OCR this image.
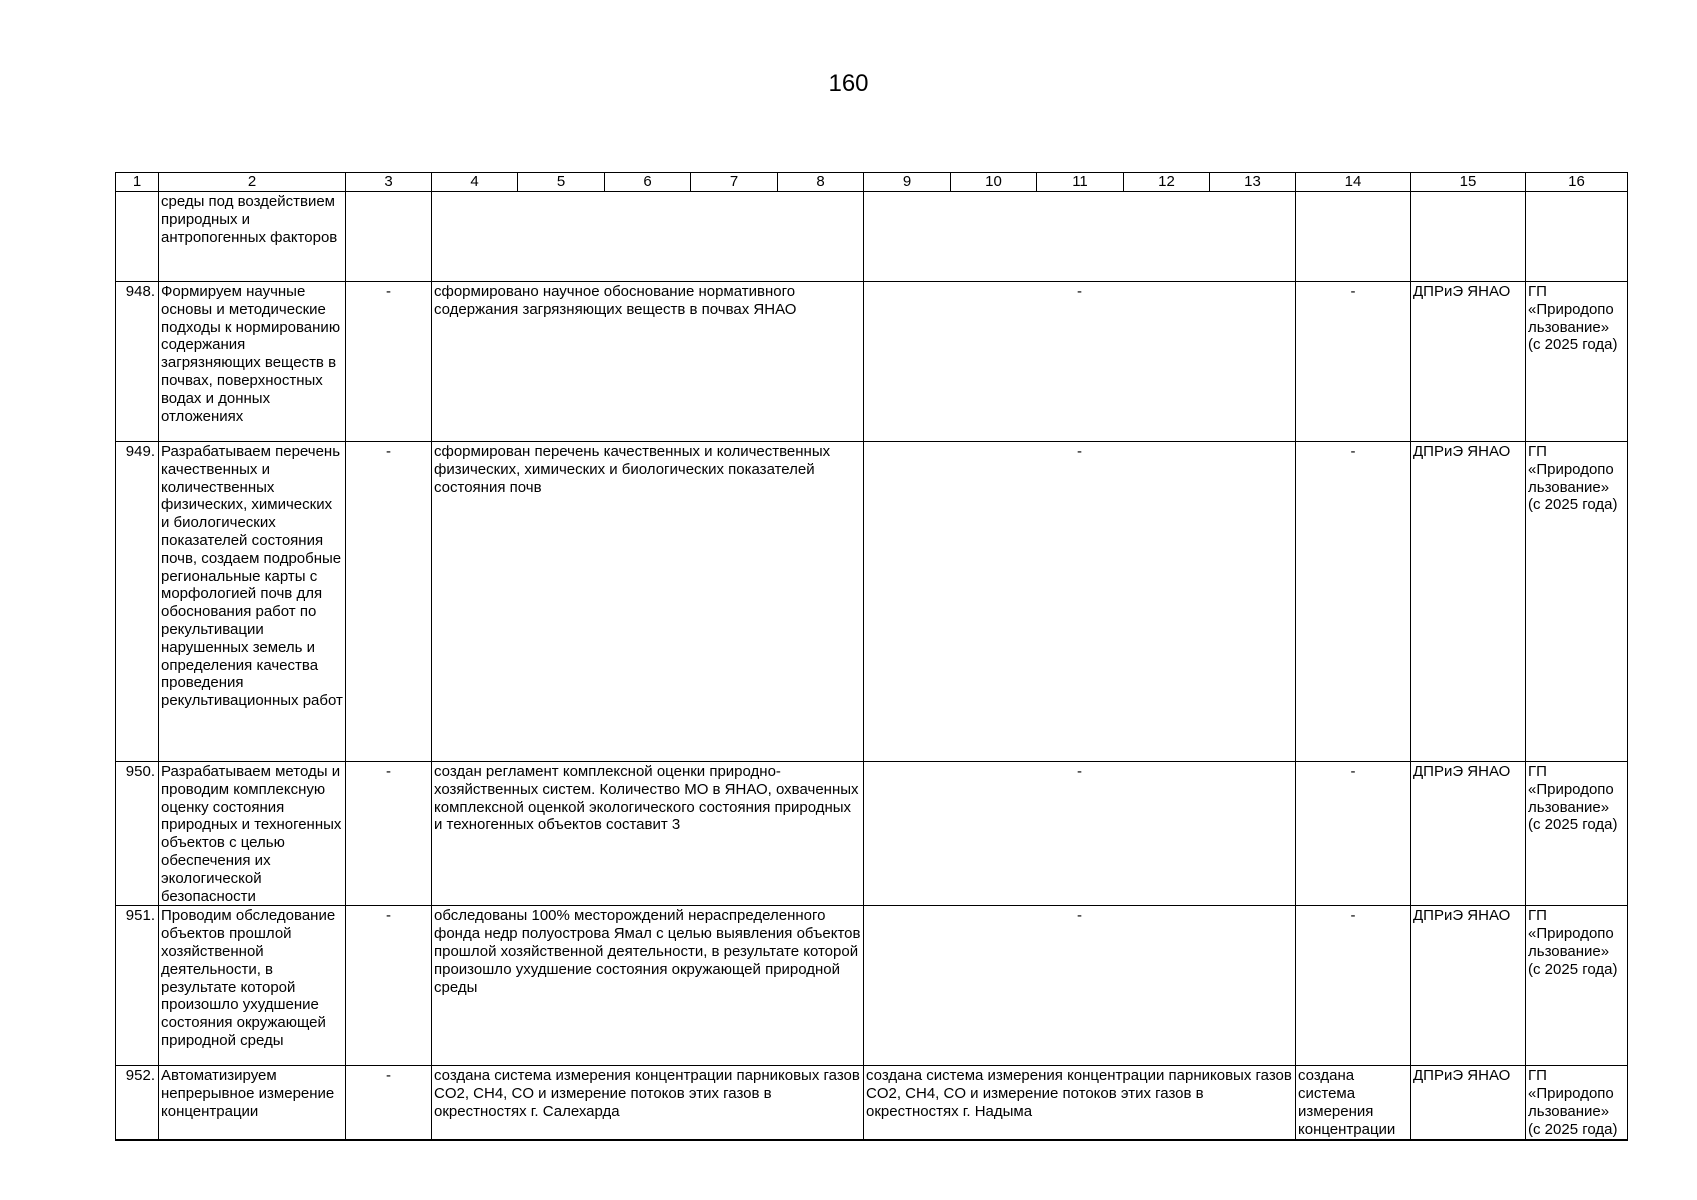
160
1	2	3	4	5	6	7	8	9	10	11	12	13	14	15	16
	среды под воздействием природных и антропогенных факторов														
948.	Формируем научные основы и методические подходы к нормированию содержания загрязняющих веществ в почвах, поверхностных водах и донных отложениях	-	сформировано научное обоснование нормативного содержания загрязняющих веществ в почвах ЯНАО					-					-	ДПРиЭ ЯНАО	ГП «Природопо льзование» (с 2025 года)
949.	Разрабатываем перечень качественных и количественных физических, химических и биологических показателей состояния почв, создаем подробные региональные карты с морфологией почв для обоснования работ по рекультивации нарушенных земель и определения качества проведения рекультивационных работ	-	сформирован перечень качественных и количественных физических, химических и биологических показателей состояния почв					-					-	ДПРиЭ ЯНАО	ГП «Природопо льзование» (с 2025 года)
950.	Разрабатываем методы и проводим комплексную оценку состояния природных и техногенных объектов с целью обеспечения их экологической безопасности	-	создан регламент комплексной оценки природно-хозяйственных систем. Количество МО в ЯНАО, охваченных комплексной оценкой экологического состояния природных и техногенных объектов составит 3					-					-	ДПРиЭ ЯНАО	ГП «Природопо льзование» (с 2025 года)
951.	Проводим обследование объектов прошлой хозяйственной деятельности, в результате которой произошло ухудшение состояния окружающей природной среды	-	обследованы 100% месторождений нераспределенного фонда недр полуострова Ямал с целью выявления объектов прошлой хозяйственной деятельности, в результате которой произошло ухудшение состояния окружающей природной среды					-					-	ДПРиЭ ЯНАО	ГП «Природопо льзование» (с 2025 года)
952.	Автоматизируем непрерывное измерение концентрации	-	создана система измерения концентрации парниковых газов CO2, CH4, CO и измерение потоков этих газов в окрестностях г. Салехарда					создана система измерения концентрации парниковых газов CO2, CH4, CO и измерение потоков этих газов в окрестностях г. Надыма					создана система измерения концентрации	ДПРиЭ ЯНАО	ГП «Природопо льзование» (с 2025 года)
